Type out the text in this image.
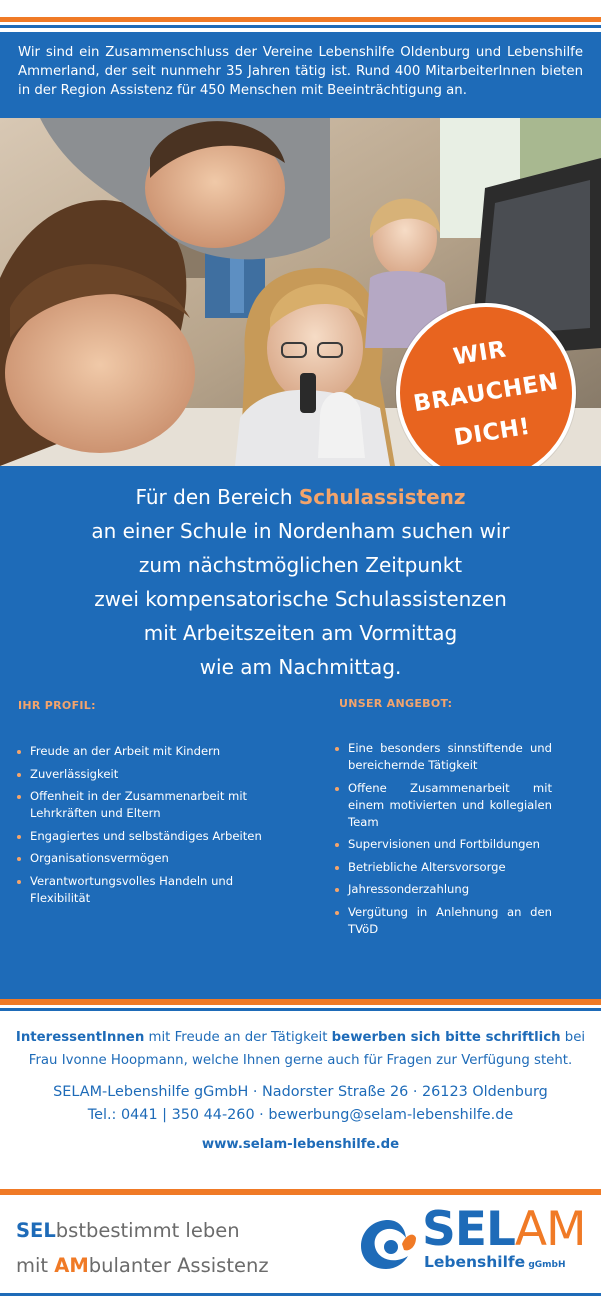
Wir sind ein Zusammenschluss der Vereine Lebenshilfe Oldenburg und Lebenshilfe Ammerland, der seit nunmehr 35 Jahren tätig ist. Rund 400 MitarbeiterInnen bieten in der Region Assistenz für 450 Menschen mit Beeinträchtigung an.
WIR
BRAUCHEN
DICH!
Für den Bereich Schulassistenz
an einer Schule in Nordenham suchen wir
zum nächstmöglichen Zeitpunkt
zwei kompensatorische Schulassistenzen
mit Arbeitszeiten am Vormittag
wie am Nachmittag.
IHR PROFIL:
Freude an der Arbeit mit Kindern
Zuverlässigkeit
Offenheit in der Zusammenarbeit mit Lehrkräften und Eltern
Engagiertes und selbständiges Arbeiten
Organisationsvermögen
Verantwortungsvolles Handeln und Flexibilität
UNSER ANGEBOT:
Eine besonders sinnstiftende und bereichernde Tätigkeit
Offene Zusammenarbeit mit einem motivierten und kollegialen Team
Supervisionen und Fortbildungen
Betriebliche Altersvorsorge
Jahressonderzahlung
Vergütung in Anlehnung an den TVöD
InteressentInnen mit Freude an der Tätigkeit bewerben sich bitte schriftlich bei Frau Ivonne Hoopmann, welche Ihnen gerne auch für Fragen zur Verfügung steht.
SELAM-Lebenshilfe gGmbH · Nadorster Straße 26 · 26123 Oldenburg
Tel.: 0441 | 350 44-260 · bewerbung@selam-lebenshilfe.de
www.selam-lebenshilfe.de
SELbstbestimmt leben
mit AMbulanter Assistenz
SELAM
Lebenshilfe gGmbH
